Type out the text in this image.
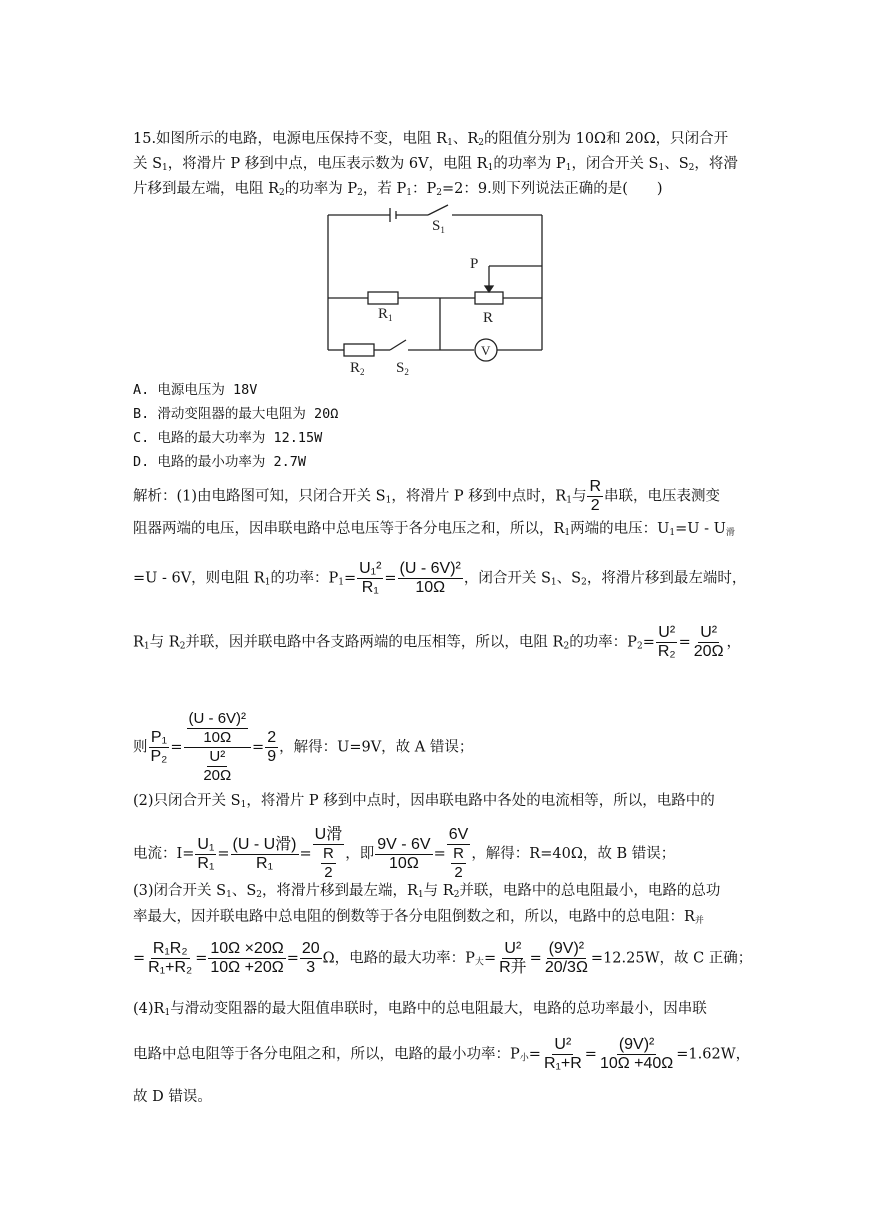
15.如图所示的电路，电源电压保持不变，电阻 $R_1$、$R_2$的阻值分别为 10Ω和 20Ω，只闭合开
关 $S_1$，将滑片 P 移到中点，电压表示数为 6V，电阻 $R_1$的功率为 $P_1$，闭合开关 $S_1$、$S_2$，将滑
片移到最左端，电阻 $R_2$的功率为 $P_2$，若 $P_1$：$P_2=2$：9.则下列说法正确的是(　　)
$S_1$
P
$R_1$	R
$R_2$ $S_2$
V
A. 电源电压为 18V
B. 滑动变阻器的最大电阻为 20Ω
C. 电路的最大功率为 12.15W
D. 电路的最小功率为 2.7W
解析：(1)由电路图可知，只闭合开关 $S_1$，将滑片 P 移到中点时，$R_1$与 $\frac{R}{2}$ 串联，电压表测变
阻器两端的电压，因串联电路中总电压等于各分电压之和，所以，$R_1$两端的电压：$U_1=U - U_滑$
=U - 6V，则电阻 $R_1$的功率：$P_1= \frac{\text{U₁²}}{\text{R₁}} = \frac{\text{(U - 6V)²}}{10\Omega}$ ，闭合开关 $S_1$、$S_2$，将滑片移到最左端时，
$R_1$与 $R_2$并联，因并联电路中各支路两端的电压相等，所以，电阻 $R_2$的功率：$P_2= \frac{\text{U²}}{\text{R₂}} = \frac{\text{U²}}{20\Omega}$ ，
则 $\frac{\text{P₁}}{\text{P₂}} = \frac{\frac{\text{(U - 6V)²}}{10\Omega}}{\frac{\text{U²}}{20\Omega}} = \frac{2}{9}$ ，解得：U=9V，故 A 错误；
(2)只闭合开关 $S_1$，将滑片 P 移到中点时，因串联电路中各处的电流相等，所以，电路中的
电流：$I= \frac{\text{U₁}}{\text{R₁}} = \frac{\text{(U - U滑)}}{\text{R₁}} = \frac{\text{U滑}}{\frac{R}{2}}$ ，即 $\frac{9V - 6V}{10\Omega} = \frac{6V}{\frac{R}{2}}$ ，解得：R=40Ω，故 B 错误；
(3)闭合开关 $S_1$、$S_2$，将滑片移到最左端，$R_1$与 $R_2$并联，电路中的总电阻最小，电路的总功
率最大，因并联电路中总电阻的倒数等于各分电阻倒数之和，所以，电路中的总电阻：$R_并$
= $\frac{\text{R₁R₂}}{\text{R₁+R₂}} = \frac{10\Omega \times 20\Omega}{10\Omega +20\Omega} = \frac{20}{3}$ Ω，电路的最大功率：$P_大= \frac{\text{U²}}{\text{R并}} = \frac{\text{(9V)²}}{20/3\Omega} =12.25W$，故 C 正确；
$(4)R_1$与滑动变阻器的最大阻值串联时，电路中的总电阻最大，电路的总功率最小，因串联
电路中总电阻等于各分电阻之和，所以，电路的最小功率：$P_小= \frac{\text{U²}}{\text{R₁+R}} = \frac{\text{(9V)²}}{10\Omega +40\Omega} =1.62W$，
故 D 错误。
